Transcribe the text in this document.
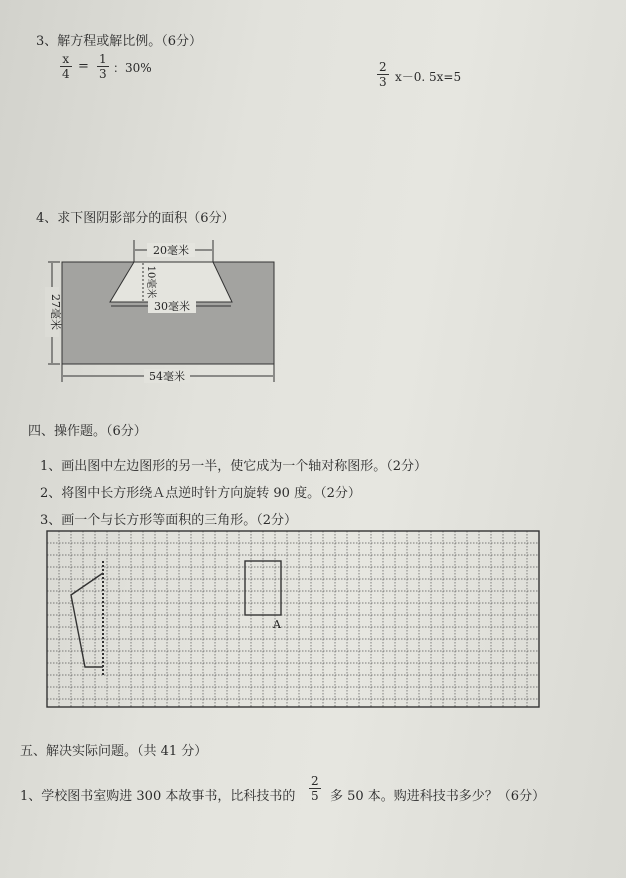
3、解方程或解比例。（6分）
$\frac{x}{4} = \frac{1}{3}$ ：30%	$\frac{2}{3} x-0$. 5x=5
4、求下图阴影部分的面积（6分）
20毫米
10毫米
30毫米
27毫米
54毫米
四、操作题。（6分）
1、画出图中左边图形的另一半，使它成为一个轴对称图形。（2分）
2、将图中长方形绕Ａ点逆时针方向旋转 90 度。（2分）
3、画一个与长方形等面积的三角形。（2分）
A
五、解决实际问题。（共 41 分）
1、学校图书室购进 300 本故事书，比科技书的 $\frac{2}{5}$ 多 50 本。购进科技书多少？（6分）
